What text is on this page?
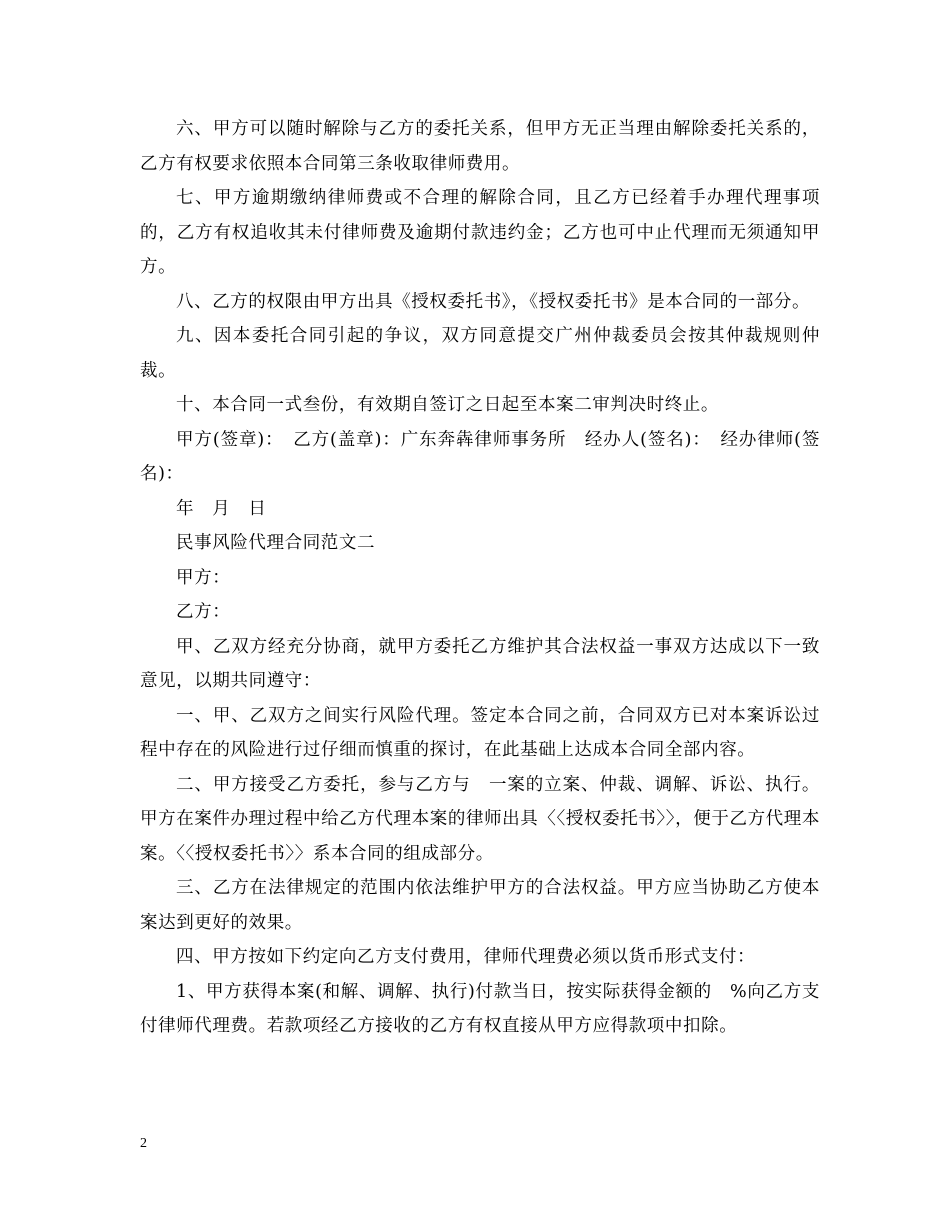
六、甲方可以随时解除与乙方的委托关系，但甲方无正当理由解除委托关系的，乙方有权要求依照本合同第三条收取律师费用。

七、甲方逾期缴纳律师费或不合理的解除合同，且乙方已经着手办理代理事项的，乙方有权追收其未付律师费及逾期付款违约金；乙方也可中止代理而无须通知甲方。

八、乙方的权限由甲方出具《授权委托书》，《授权委托书》是本合同的一部分。

九、因本委托合同引起的争议，双方同意提交广州仲裁委员会按其仲裁规则仲裁。

十、本合同一式叁份，有效期自签订之日起至本案二审判决时终止。

甲方(签章)：　乙方(盖章)：广东奔犇律师事务所　经办人(签名)：　经办律师(签名)：

年　月　日

民事风险代理合同范文二

甲方：

乙方：

甲、乙双方经充分协商，就甲方委托乙方维护其合法权益一事双方达成以下一致意见，以期共同遵守：

一、甲、乙双方之间实行风险代理。签定本合同之前，合同双方已对本案诉讼过程中存在的风险进行过仔细而慎重的探讨，在此基础上达成本合同全部内容。

二、甲方接受乙方委托，参与乙方与　一案的立案、仲裁、调解、诉讼、执行。甲方在案件办理过程中给乙方代理本案的律师出具〈〈授权委托书〉〉，便于乙方代理本案。〈〈授权委托书〉〉系本合同的组成部分。

三、乙方在法律规定的范围内依法维护甲方的合法权益。甲方应当协助乙方使本案达到更好的效果。

四、甲方按如下约定向乙方支付费用，律师代理费必须以货币形式支付：

1、甲方获得本案(和解、调解、执行)付款当日，按实际获得金额的　%向乙方支付律师代理费。若款项经乙方接收的乙方有权直接从甲方应得款项中扣除。

2
